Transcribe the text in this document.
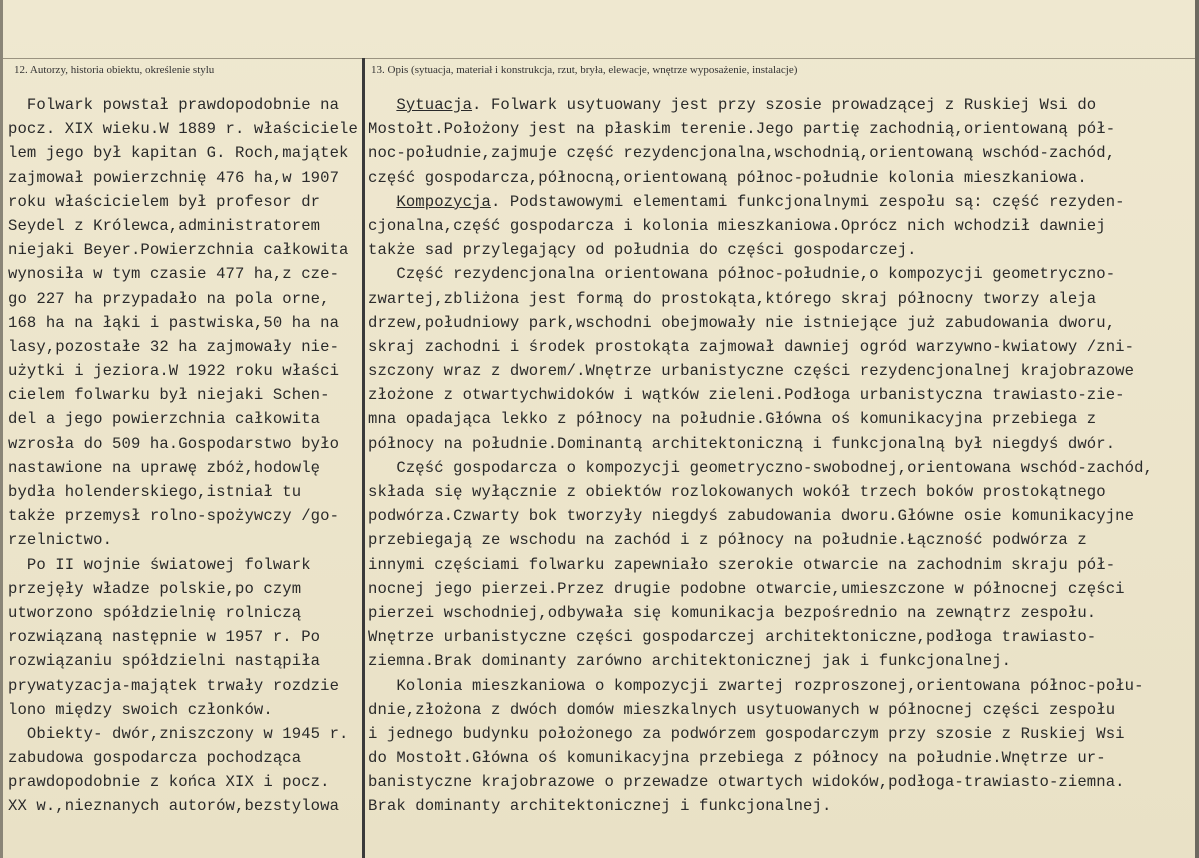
12. Autorzy, historia obiektu, określenie stylu	13. Opis (sytuacja, materiał i konstrukcja, rzut, bryła, elewacje, wnętrze wyposażenie, instalacje)
Folwark powstał prawdopodobnie na
pocz. XIX wieku.W 1889 r. właściciele
lem jego był kapitan G. Roch,majątek
zajmował powierzchnię 476 ha,w 1907
roku właścicielem był profesor dr
Seydel z Królewca,administratorem
niejaki Beyer.Powierzchnia całkowita
wynosiła w tym czasie 477 ha,z cze-
go 227 ha przypadało na pola orne,
168 ha na łąki i pastwiska,50 ha na
lasy,pozostałe 32 ha zajmowały nie-
użytki i jeziora.W 1922 roku właści
cielem folwarku był niejaki Schen-
del a jego powierzchnia całkowita
wzrosła do 509 ha.Gospodarstwo było
nastawione na uprawę zbóż,hodowlę
bydła holenderskiego,istniał tu
także przemysł rolno-spożywczy /go-
rzelnictwo.
Po II wojnie światowej folwark
przejęły władze polskie,po czym
utworzono spółdzielnię rolniczą
rozwiązaną następnie w 1957 r. Po
rozwiązaniu spółdzielni nastąpiła
prywatyzacja-majątek trwały rozdzie
lono między swoich członków.
Obiekty- dwór,zniszczony w 1945 r.
zabudowa gospodarcza pochodząca
prawdopodobnie z końca XIX i pocz.
XX w.,nieznanych autorów,bezstylowa
Sytuacja. Folwark usytuowany jest przy szosie prowadzącej z Ruskiej Wsi do
Mostołt.Położony jest na płaskim terenie.Jego partię zachodnią,orientowaną pół-
noc-południe,zajmuje część rezydencjonalna,wschodnią,orientowaną wschód-zachód,
część gospodarcza,północną,orientowaną północ-południe kolonia mieszkaniowa.
Kompozycja. Podstawowymi elementami funkcjonalnymi zespołu są: część rezyden-
cjonalna,część gospodarcza i kolonia mieszkaniowa.Oprócz nich wchodził dawniej
także sad przylegający od południa do części gospodarczej.
Część rezydencjonalna orientowana północ-południe,o kompozycji geometryczno-
zwartej,zbliżona jest formą do prostokąta,którego skraj północny tworzy aleja
drzew,południowy park,wschodni obejmowały nie istniejące już zabudowania dworu,
skraj zachodni i środek prostokąta zajmował dawniej ogród warzywno-kwiatowy /zni-
szczony wraz z dworem/.Wnętrze urbanistyczne części rezydencjonalnej krajobrazowe
złożone z otwartychwidoków i wątków zieleni.Podłoga urbanistyczna trawiasto-zie-
mna opadająca lekko z północy na południe.Główna oś komunikacyjna przebiega z
północy na południe.Dominantą architektoniczną i funkcjonalną był niegdyś dwór.
Część gospodarcza o kompozycji geometryczno-swobodnej,orientowana wschód-zachód,
składa się wyłącznie z obiektów rozlokowanych wokół trzech boków prostokątnego
podwórza.Czwarty bok tworzyły niegdyś zabudowania dworu.Główne osie komunikacyjne
przebiegają ze wschodu na zachód i z północy na południe.Łączność podwórza z
innymi częściami folwarku zapewniało szerokie otwarcie na zachodnim skraju pół-
nocnej jego pierzei.Przez drugie podobne otwarcie,umieszczone w północnej części
pierzei wschodniej,odbywała się komunikacja bezpośrednio na zewnątrz zespołu.
Wnętrze urbanistyczne części gospodarczej architektoniczne,podłoga trawiasto-
ziemna.Brak dominanty zarówno architektonicznej jak i funkcjonalnej.
Kolonia mieszkaniowa o kompozycji zwartej rozproszonej,orientowana północ-połu-
dnie,złożona z dwóch domów mieszkalnych usytuowanych w północnej części zespołu
i jednego budynku położonego za podwórzem gospodarczym przy szosie z Ruskiej Wsi
do Mostołt.Główna oś komunikacyjna przebiega z północy na południe.Wnętrze ur-
banistyczne krajobrazowe o przewadze otwartych widoków,podłoga-trawiasto-ziemna.
Brak dominanty architektonicznej i funkcjonalnej.
